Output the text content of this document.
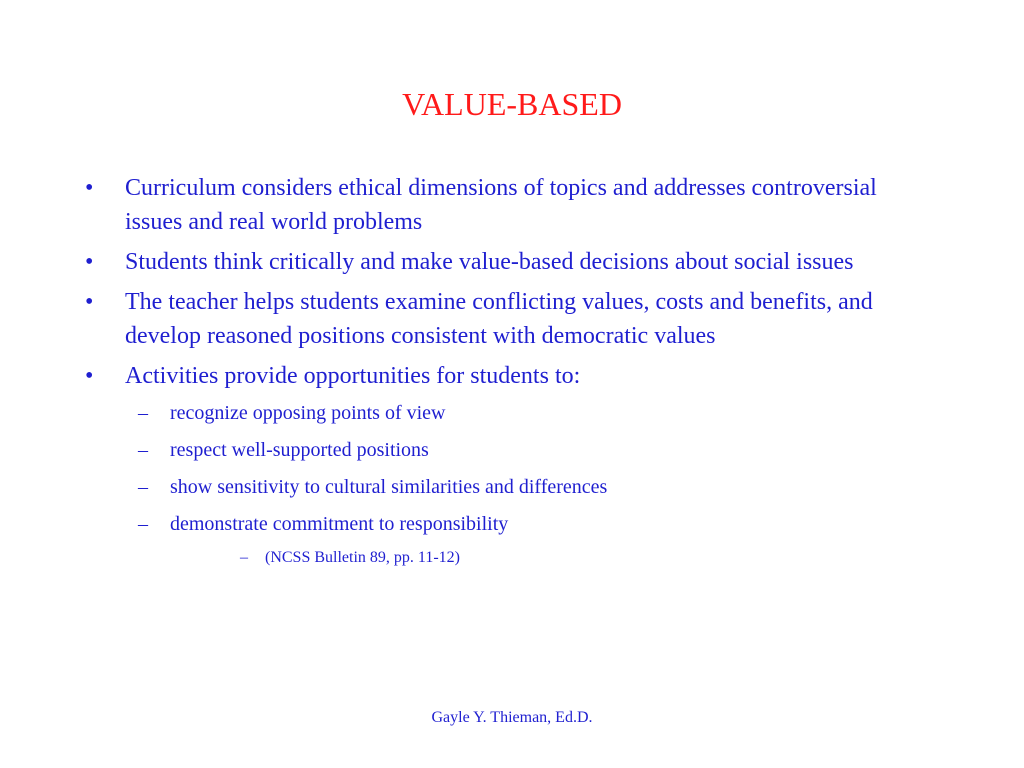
VALUE-BASED
• Curriculum considers ethical dimensions of topics and addresses controversial issues and real world problems
• Students think critically and make value-based decisions about social issues
• The teacher helps students examine conflicting values, costs and benefits, and develop reasoned positions consistent with democratic values
• Activities provide opportunities for students to:
– recognize opposing points of view
– respect well-supported positions
– show sensitivity to cultural similarities and differences
– demonstrate commitment to responsibility
– (NCSS Bulletin 89, pp. 11-12)
Gayle Y. Thieman, Ed.D.
